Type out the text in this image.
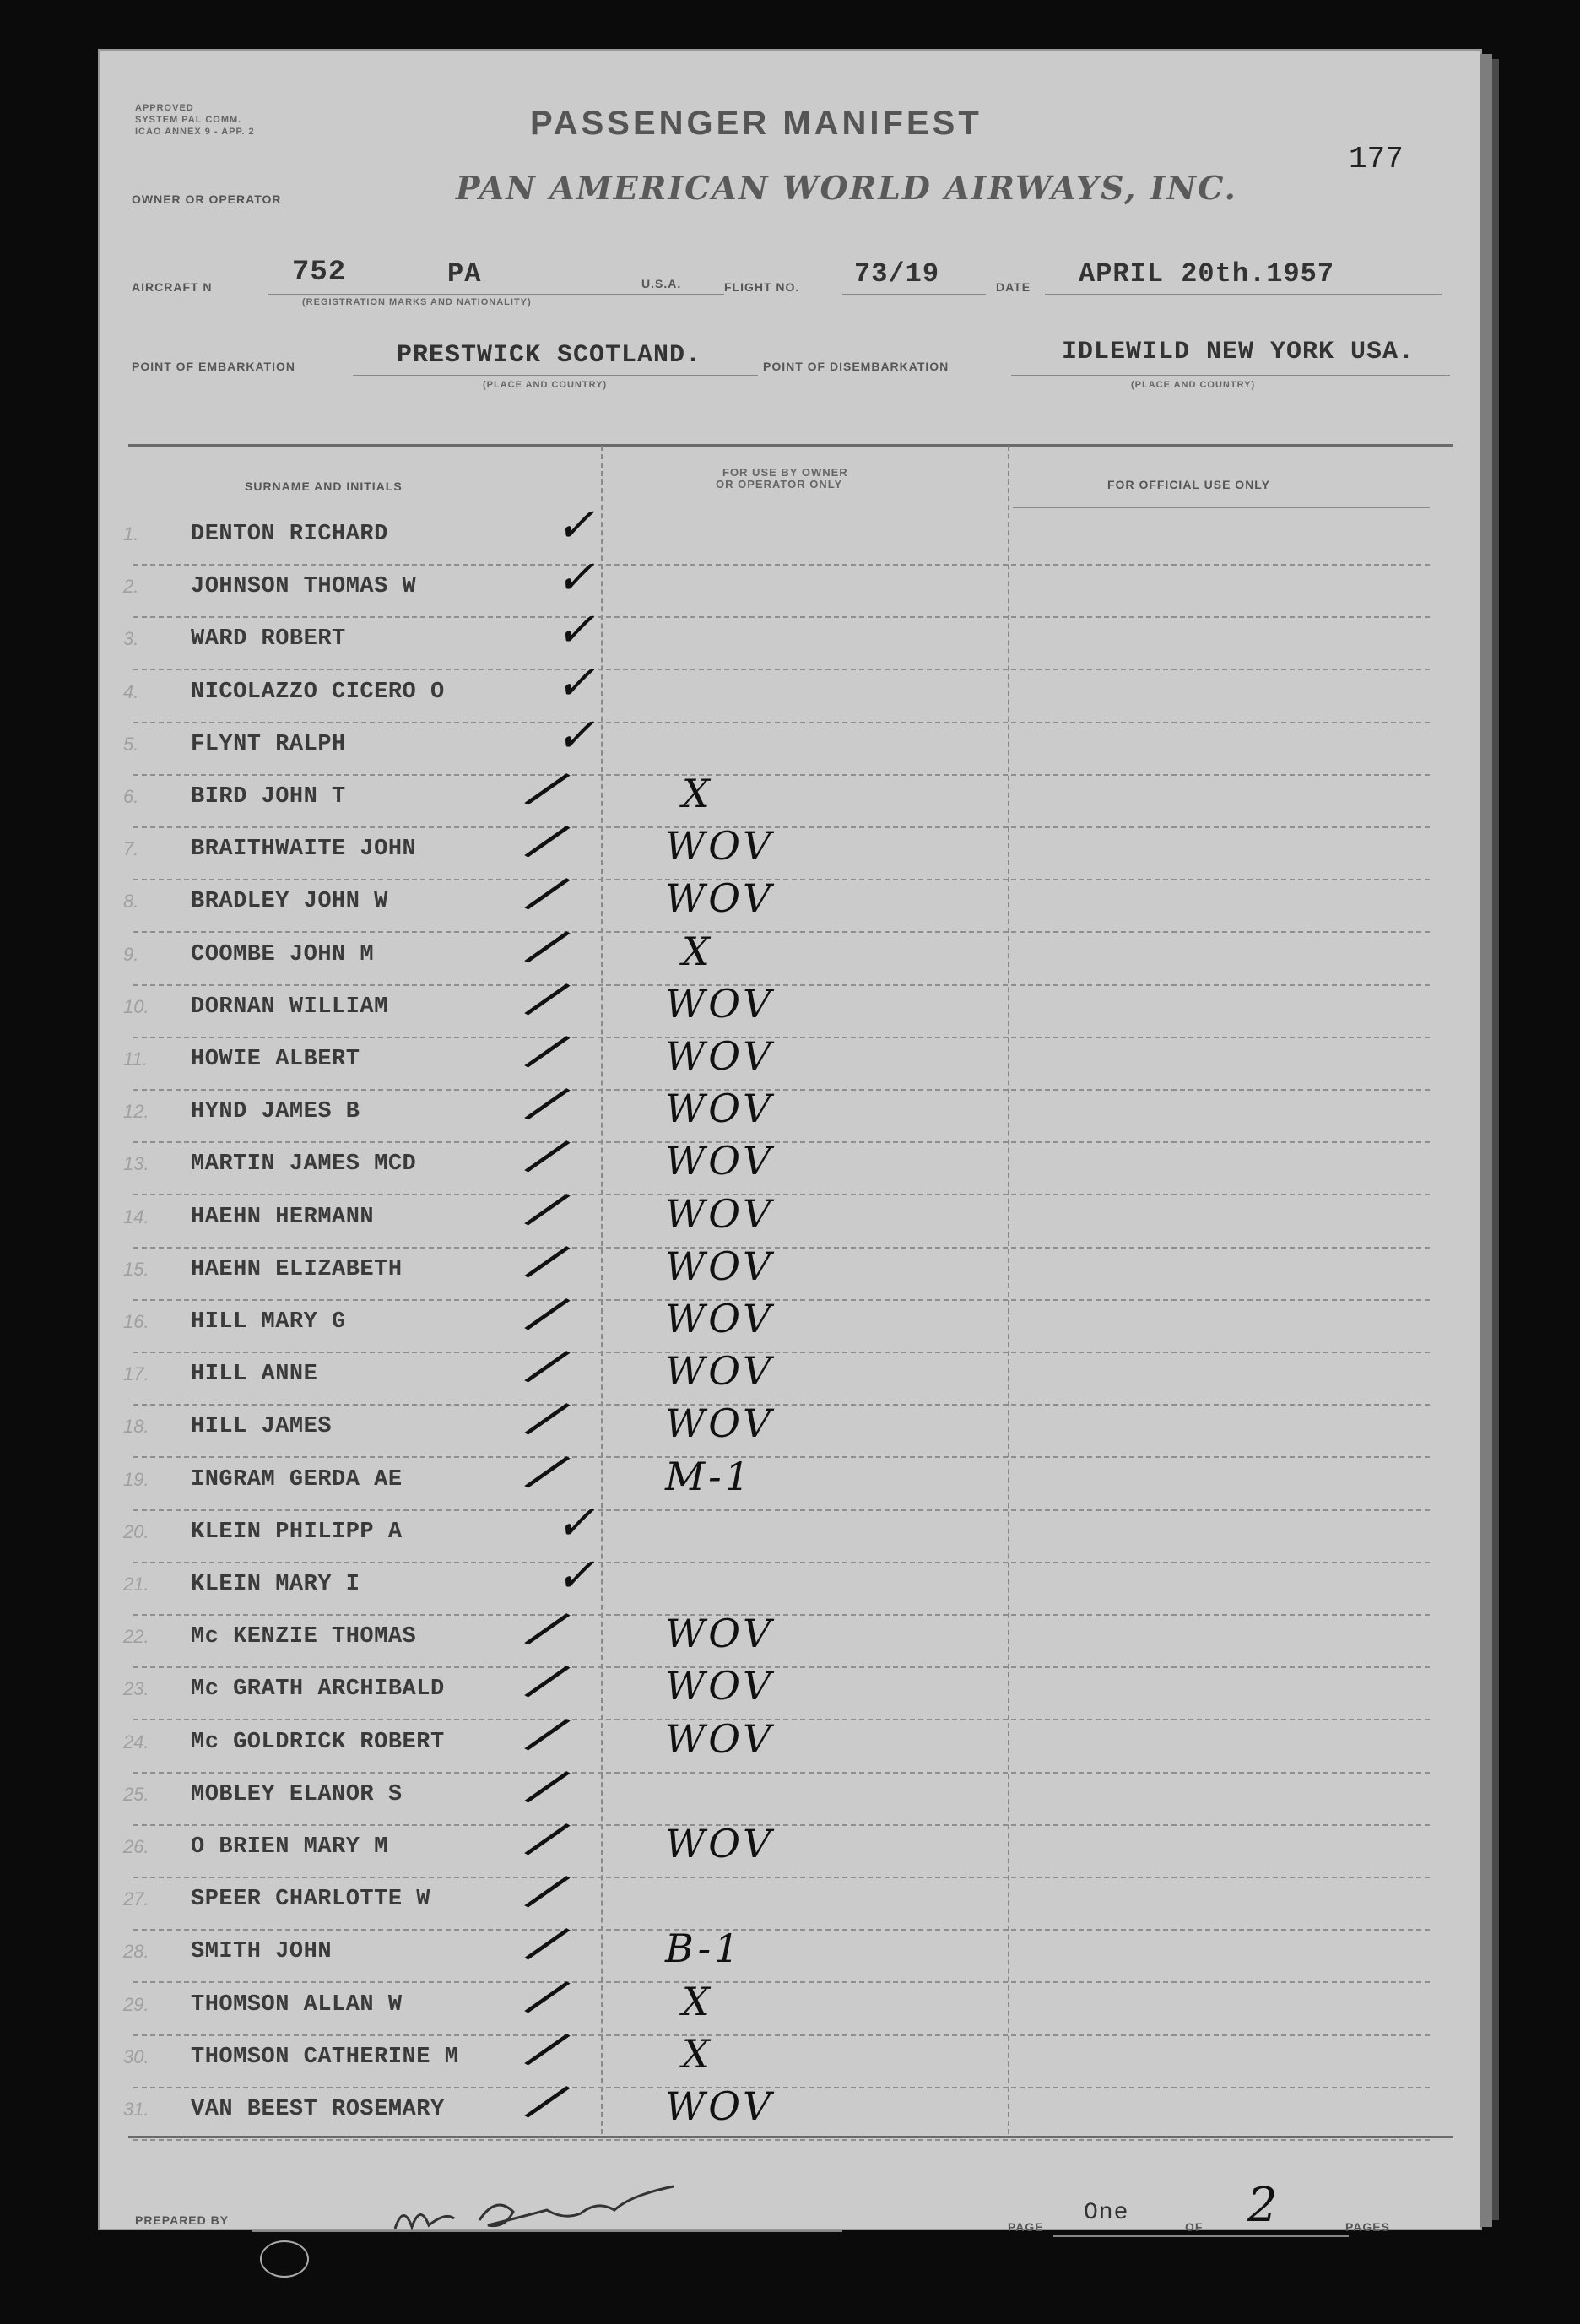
APPROVED
SYSTEM PAL COMM.
ICAO ANNEX 9 - APP. 2	PASSENGER MANIFEST
177
OWNER OR OPERATOR	PAN AMERICAN WORLD AIRWAYS, INC.
AIRCRAFT N	752	PA
(REGISTRATION MARKS AND NATIONALITY)
U.S.A.	FLIGHT NO. 73/19	DATE APRIL 20th.1957
POINT OF EMBARKATION	PRESTWICK SCOTLAND.
(PLACE AND COUNTRY)
POINT OF DISEMBARKATION	IDLEWILD NEW YORK USA.
(PLACE AND COUNTRY)
SURNAME AND INITIALS
FOR USE BY OWNER
OR OPERATOR ONLY	FOR OFFICIAL USE ONLY
1. DENTON RICHARD	✓
2. JOHNSON THOMAS W	✓
3. WARD ROBERT	✓
4. NICOLAZZO CICERO O ✓
5. FLYNT RALPH	✓
6. BIRD JOHN T	/	X
7. BRAITHWAITE JOHN / WOV
8. BRADLEY JOHN W / WOV
9. COOMBE JOHN M	/	X
10. DORNAN WILLIAM / WOV
11. HOWIE ALBERT	/ WOV
12. HYND JAMES B	/ WOV
13. MARTIN JAMES MCD / WOV
14. HAEHN HERMANN	/ WOV
15. HAEHN ELIZABETH / WOV
16. HILL MARY G	/ WOV
17. HILL ANNE	/ WOV
18. HILL JAMES	/ WOV
19. INGRAM GERDA AE / M-1
20. KLEIN PHILIPP A	✓
21. KLEIN MARY I	✓
22. Mc KENZIE THOMAS / WOV
23. Mc GRATH ARCHIBALD / WOV
24. Mc GOLDRICK ROBERT / WOV
25. MOBLEY ELANOR S /
26. O BRIEN MARY M / WOV
27. SPEER CHARLOTTE W /
28. SMITH JOHN	/ B-1
29. THOMSON ALLAN W /	X
30. THOMSON CATHERINE M /	X
31. VAN BEEST ROSEMARY / WOV
PREPARED BY	PAGE
One
OF 2	PAGES
